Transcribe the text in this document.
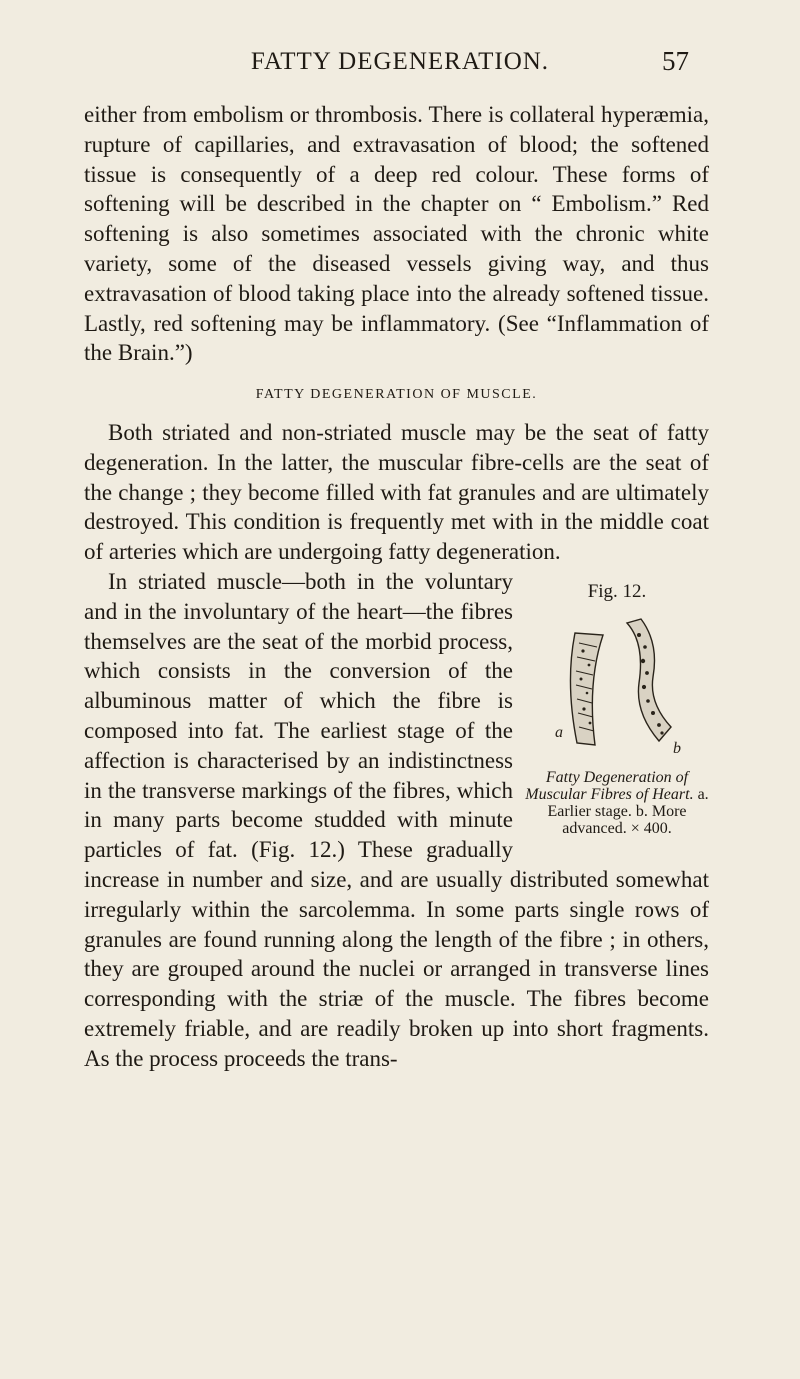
FATTY DEGENERATION.	57

either from embolism or thrombosis. There is collateral hyperæmia, rupture of capillaries, and extravasation of blood; the softened tissue is consequently of a deep red colour. These forms of softening will be described in the chapter on “ Embolism.” Red softening is also sometimes associated with the chronic white variety, some of the diseased vessels giving way, and thus extravasation of blood taking place into the already softened tissue. Lastly, red softening may be inflammatory. (See “Inflammation of the Brain.”)

FATTY DEGENERATION OF MUSCLE.

Both striated and non-striated muscle may be the seat of fatty degeneration. In the latter, the muscular fibre-cells are the seat of the change ; they become filled with fat granules and are ultimately destroyed. This condition is frequently met with in the middle coat of arteries which are undergoing fatty degeneration.

Fig. 12.
a
b
Fatty Degeneration of Muscular Fibres of Heart. a. Earlier stage. b. More advanced. × 400.

In striated muscle—both in the voluntary and in the involuntary of the heart—the fibres themselves are the seat of the morbid process, which consists in the conversion of the albuminous matter of which the fibre is composed into fat. The earliest stage of the affection is characterised by an indistinctness in the transverse markings of the fibres, which in many parts become studded with minute particles of fat. (Fig. 12.) These gradually increase in number and size, and are usually distributed somewhat irregularly within the sarcolemma. In some parts single rows of granules are found running along the length of the fibre ; in others, they are grouped around the nuclei or arranged in transverse lines corresponding with the striæ of the muscle. The fibres become extremely friable, and are readily broken up into short fragments. As the process proceeds the trans-
